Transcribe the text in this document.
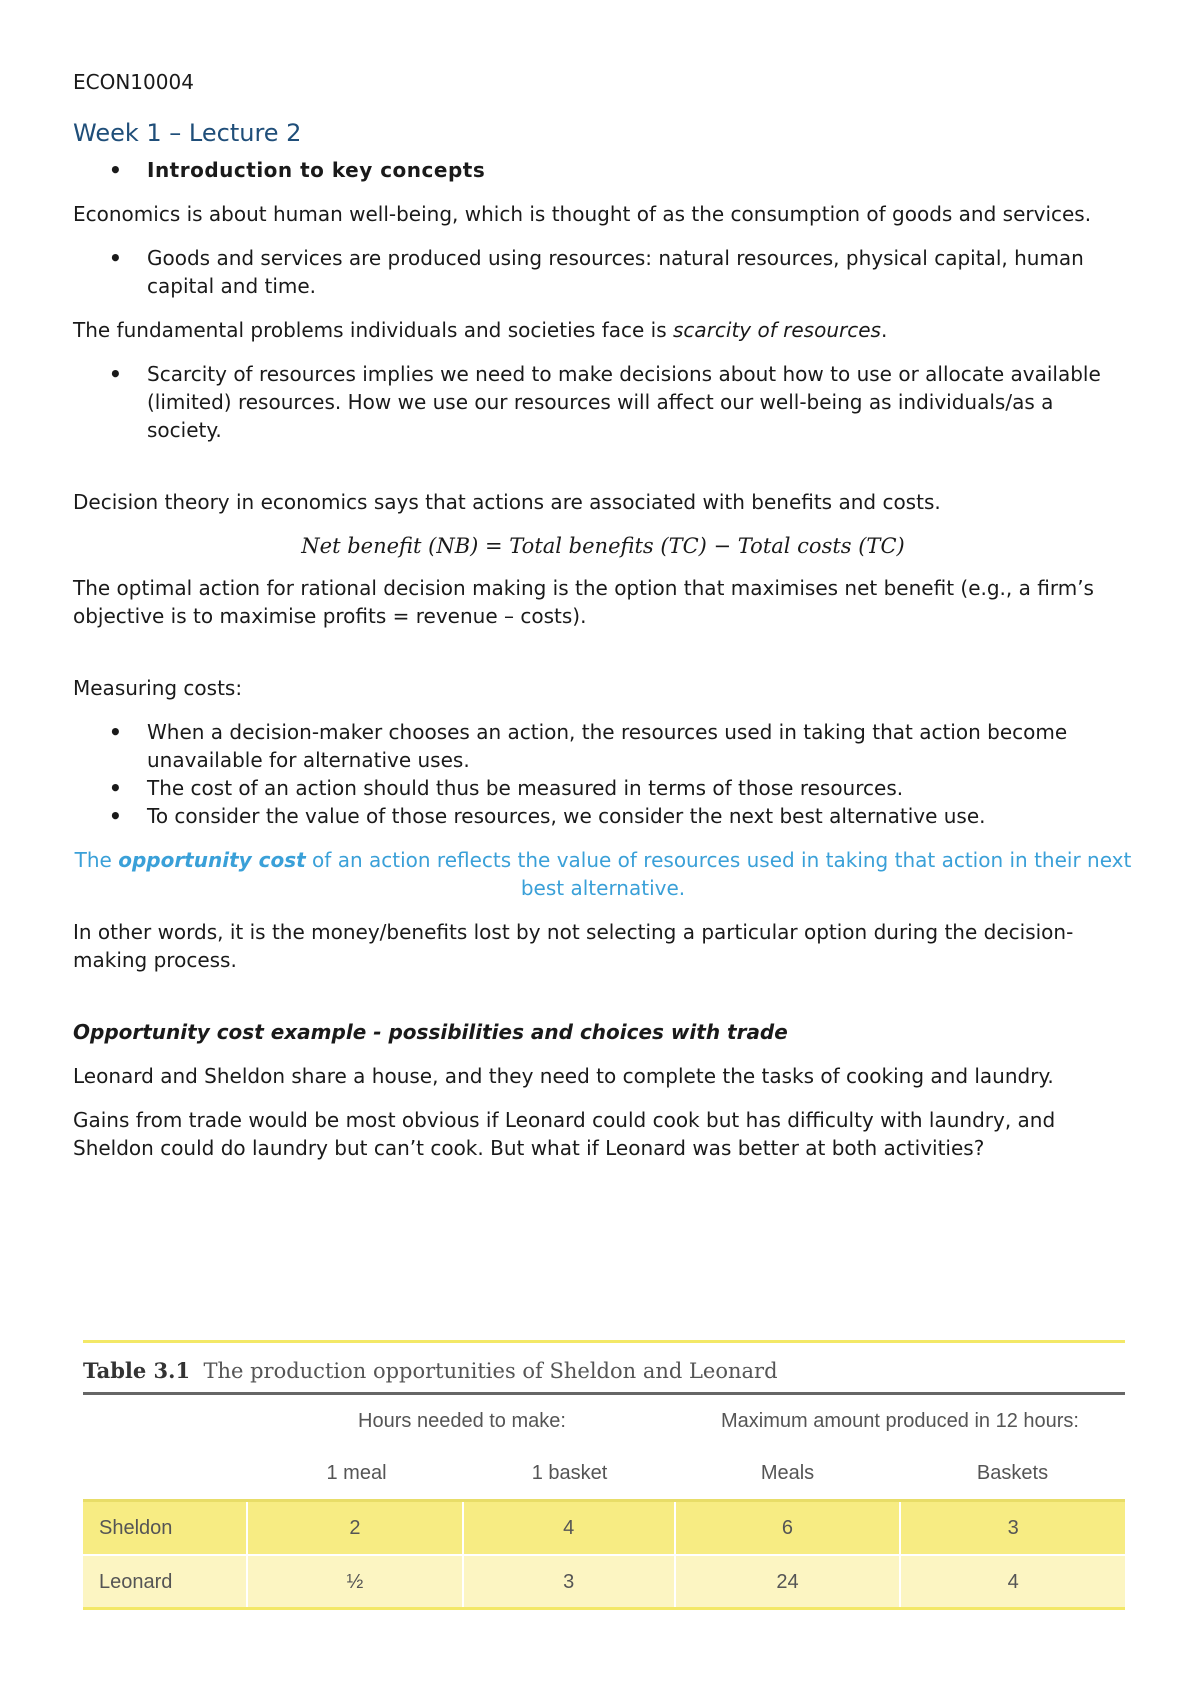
ECON10004
Week 1 – Lecture 2
• Introduction to key concepts

Economics is about human well-being, which is thought of as the consumption of goods and services.

• Goods and services are produced using resources: natural resources, physical capital, human capital and time.

The fundamental problems individuals and societies face is scarcity of resources.

• Scarcity of resources implies we need to make decisions about how to use or allocate available (limited) resources. How we use our resources will affect our well-being as individuals/as a society.

Decision theory in economics says that actions are associated with benefits and costs.

Net benefit (NB) = Total benefits (TC) − Total costs (TC)

The optimal action for rational decision making is the option that maximises net benefit (e.g., a firm’s objective is to maximise profits = revenue – costs).

Measuring costs:

• When a decision-maker chooses an action, the resources used in taking that action become unavailable for alternative uses.
• The cost of an action should thus be measured in terms of those resources.
• To consider the value of those resources, we consider the next best alternative use.

The opportunity cost of an action reflects the value of resources used in taking that action in their next best alternative.

In other words, it is the money/benefits lost by not selecting a particular option during the decision-making process.

Opportunity cost example - possibilities and choices with trade

Leonard and Sheldon share a house, and they need to complete the tasks of cooking and laundry.

Gains from trade would be most obvious if Leonard could cook but has difficulty with laundry, and Sheldon could do laundry but can’t cook. But what if Leonard was better at both activities?

Table 3.1 The production opportunities of Sheldon and Leonard
Hours needed to make:	Maximum amount produced in 12 hours:
1 meal	1 basket	Meals	Baskets
Sheldon	2	4	6	3
Leonard	½	3	24	4
